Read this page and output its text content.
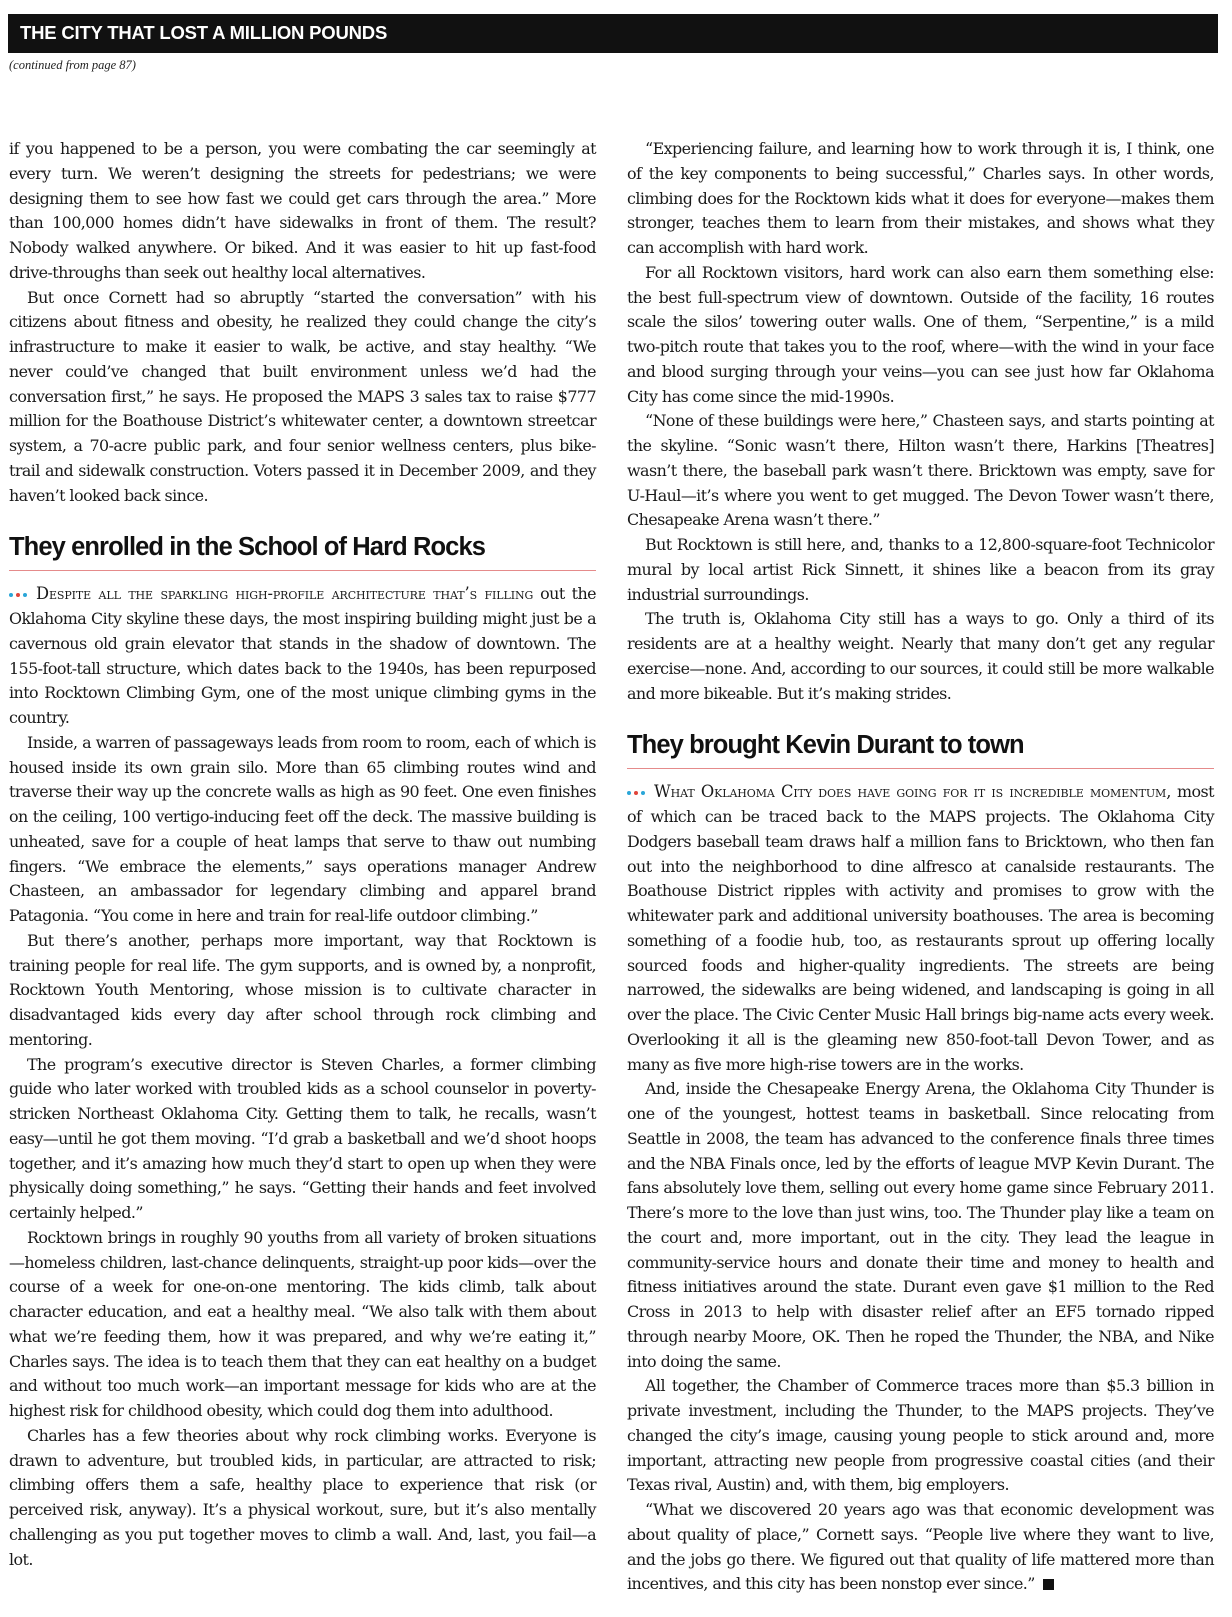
THE CITY THAT LOST A MILLION POUNDS
(continued from page 87)

if you happened to be a person, you were combating the car seemingly at every turn. We weren’t designing the streets for pedestrians; we were designing them to see how fast we could get cars through the area.” More than 100,000 homes didn’t have sidewalks in front of them. The result? Nobody walked anywhere. Or biked. And it was easier to hit up fast-food drive-throughs than seek out healthy local alternatives.

But once Cornett had so abruptly “started the conversation” with his citizens about fitness and obesity, he realized they could change the city’s infrastructure to make it easier to walk, be active, and stay healthy. “We never could’ve changed that built environment unless we’d had the conversation first,” he says. He proposed the MAPS 3 sales tax to raise $777 million for the Boathouse District’s whitewater center, a downtown streetcar system, a 70-acre public park, and four senior wellness centers, plus bike-trail and sidewalk construction. Voters passed it in December 2009, and they haven’t looked back since.

They enrolled in the School of Hard Rocks

Despite all the sparkling high-profile architecture that’s filling out the Oklahoma City skyline these days, the most inspiring building might just be a cavernous old grain elevator that stands in the shadow of downtown. The 155-foot-tall structure, which dates back to the 1940s, has been repurposed into Rocktown Climbing Gym, one of the most unique climbing gyms in the country.

Inside, a warren of passageways leads from room to room, each of which is housed inside its own grain silo. More than 65 climbing routes wind and traverse their way up the concrete walls as high as 90 feet. One even finishes on the ceiling, 100 vertigo-inducing feet off the deck. The massive building is unheated, save for a couple of heat lamps that serve to thaw out numbing fingers. “We embrace the elements,” says operations manager Andrew Chasteen, an ambassador for legendary climbing and apparel brand Patagonia. “You come in here and train for real-life outdoor climbing.”

But there’s another, perhaps more important, way that Rocktown is training people for real life. The gym supports, and is owned by, a nonprofit, Rocktown Youth Mentoring, whose mission is to cultivate character in disadvantaged kids every day after school through rock climbing and mentoring.

The program’s executive director is Steven Charles, a former climbing guide who later worked with troubled kids as a school counselor in poverty-stricken Northeast Oklahoma City. Getting them to talk, he recalls, wasn’t easy—until he got them moving. “I’d grab a basketball and we’d shoot hoops together, and it’s amazing how much they’d start to open up when they were physically doing something,” he says. “Getting their hands and feet involved certainly helped.”

Rocktown brings in roughly 90 youths from all variety of broken situations—homeless children, last-chance delinquents, straight-up poor kids—over the course of a week for one-on-one mentoring. The kids climb, talk about character education, and eat a healthy meal. “We also talk with them about what we’re feeding them, how it was prepared, and why we’re eating it,” Charles says. The idea is to teach them that they can eat healthy on a budget and without too much work—an important message for kids who are at the highest risk for childhood obesity, which could dog them into adulthood.

Charles has a few theories about why rock climbing works. Everyone is drawn to adventure, but troubled kids, in particular, are attracted to risk; climbing offers them a safe, healthy place to experience that risk (or perceived risk, anyway). It’s a physical workout, sure, but it’s also mentally challenging as you put together moves to climb a wall. And, last, you fail—a lot.

“Experiencing failure, and learning how to work through it is, I think, one of the key components to being successful,” Charles says. In other words, climbing does for the Rocktown kids what it does for everyone—makes them stronger, teaches them to learn from their mistakes, and shows what they can accomplish with hard work.

For all Rocktown visitors, hard work can also earn them something else: the best full-spectrum view of downtown. Outside of the facility, 16 routes scale the silos’ towering outer walls. One of them, “Serpentine,” is a mild two-pitch route that takes you to the roof, where—with the wind in your face and blood surging through your veins—you can see just how far Oklahoma City has come since the mid-1990s.

“None of these buildings were here,” Chasteen says, and starts pointing at the skyline. “Sonic wasn’t there, Hilton wasn’t there, Harkins [Theatres] wasn’t there, the baseball park wasn’t there. Bricktown was empty, save for U-Haul—it’s where you went to get mugged. The Devon Tower wasn’t there, Chesapeake Arena wasn’t there.”

But Rocktown is still here, and, thanks to a 12,800-square-foot Technicolor mural by local artist Rick Sinnett, it shines like a beacon from its gray industrial surroundings.

The truth is, Oklahoma City still has a ways to go. Only a third of its residents are at a healthy weight. Nearly that many don’t get any regular exercise—none. And, according to our sources, it could still be more walkable and more bikeable. But it’s making strides.

They brought Kevin Durant to town

What Oklahoma City does have going for it is incredible momentum, most of which can be traced back to the MAPS projects. The Oklahoma City Dodgers baseball team draws half a million fans to Bricktown, who then fan out into the neighborhood to dine alfresco at canalside restaurants. The Boathouse District ripples with activity and promises to grow with the whitewater park and additional university boathouses. The area is becoming something of a foodie hub, too, as restaurants sprout up offering locally sourced foods and higher-quality ingredients. The streets are being narrowed, the sidewalks are being widened, and landscaping is going in all over the place. The Civic Center Music Hall brings big-name acts every week. Overlooking it all is the gleaming new 850-foot-tall Devon Tower, and as many as five more high-rise towers are in the works.

And, inside the Chesapeake Energy Arena, the Oklahoma City Thunder is one of the youngest, hottest teams in basketball. Since relocating from Seattle in 2008, the team has advanced to the conference finals three times and the NBA Finals once, led by the efforts of league MVP Kevin Durant. The fans absolutely love them, selling out every home game since February 2011. There’s more to the love than just wins, too. The Thunder play like a team on the court and, more important, out in the city. They lead the league in community-service hours and donate their time and money to health and fitness initiatives around the state. Durant even gave $1 million to the Red Cross in 2013 to help with disaster relief after an EF5 tornado ripped through nearby Moore, OK. Then he roped the Thunder, the NBA, and Nike into doing the same.

All together, the Chamber of Commerce traces more than $5.3 billion in private investment, including the Thunder, to the MAPS projects. They’ve changed the city’s image, causing young people to stick around and, more important, attracting new people from progressive coastal cities (and their Texas rival, Austin) and, with them, big employers.

“What we discovered 20 years ago was that economic development was about quality of place,” Cornett says. “People live where they want to live, and the jobs go there. We figured out that quality of life mattered more than incentives, and this city has been nonstop ever since.”
